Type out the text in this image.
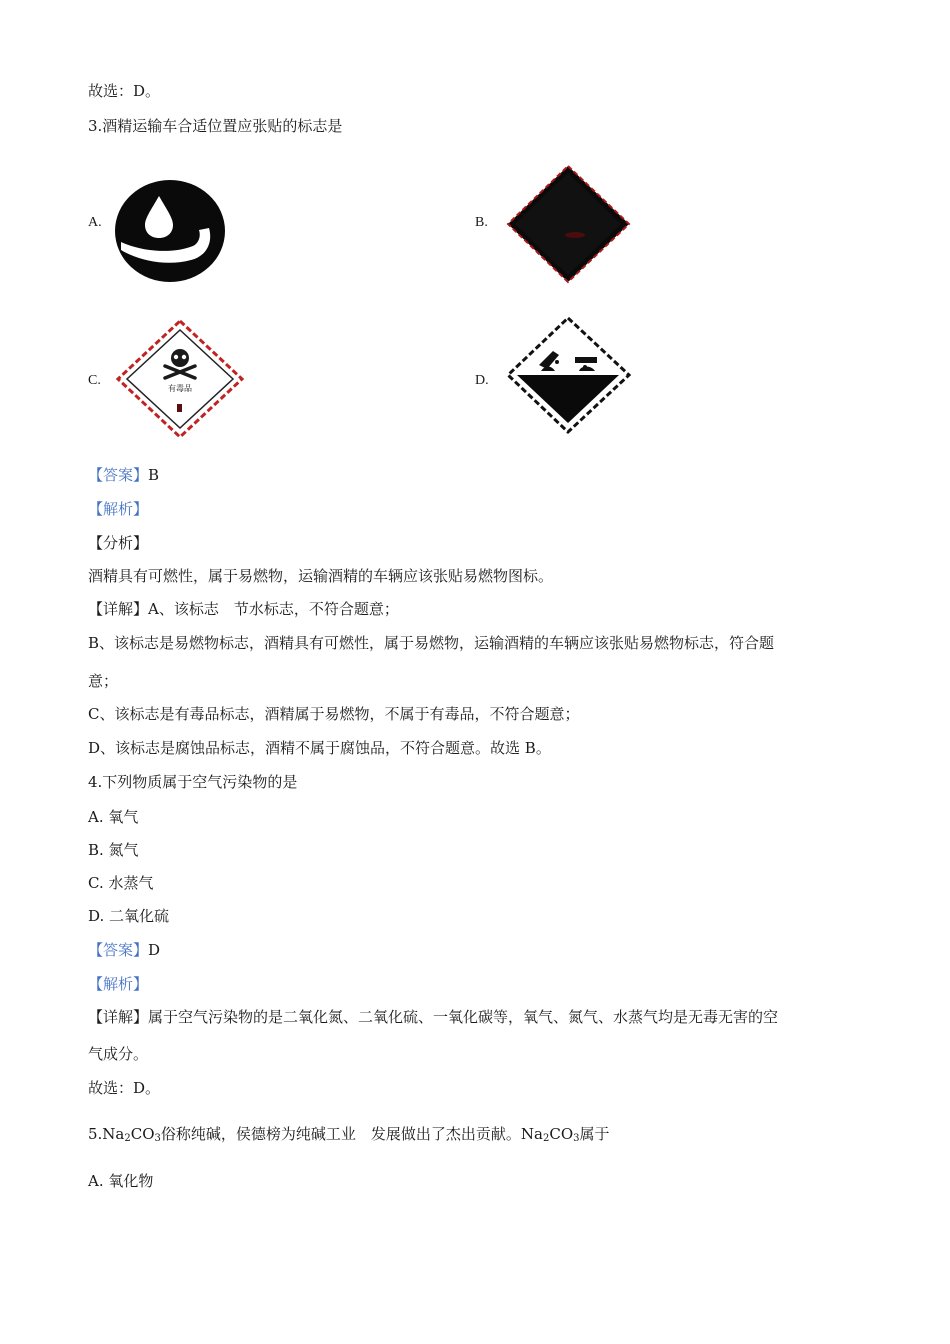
故选：D。
3.酒精运输车合适位置应张贴的标志是
A.	B.
C.
有毒品
D.
【答案】B
【解析】
【分析】
酒精具有可燃性，属于易燃物，运输酒精的车辆应该张贴易燃物图标。
【详解】A、该标志　节水标志，不符合题意；
B、该标志是易燃物标志，酒精具有可燃性，属于易燃物，运输酒精的车辆应该张贴易燃物标志，符合题
意；
C、该标志是有毒品标志，酒精属于易燃物，不属于有毒品，不符合题意；
D、该标志是腐蚀品标志，酒精不属于腐蚀品，不符合题意。故选 B。
4.下列物质属于空气污染物的是
A. 氧气
B. 氮气
C. 水蒸气
D. 二氧化硫
【答案】D
【解析】
【详解】属于空气污染物的是二氧化氮、二氧化硫、一氧化碳等，氧气、氮气、水蒸气均是无毒无害的空
气成分。
故选：D。
$5.Na_2CO_3$俗称纯碱，侯德榜为纯碱工业　发展做出了杰出贡献。$Na_2CO_3$属于
A. 氧化物
